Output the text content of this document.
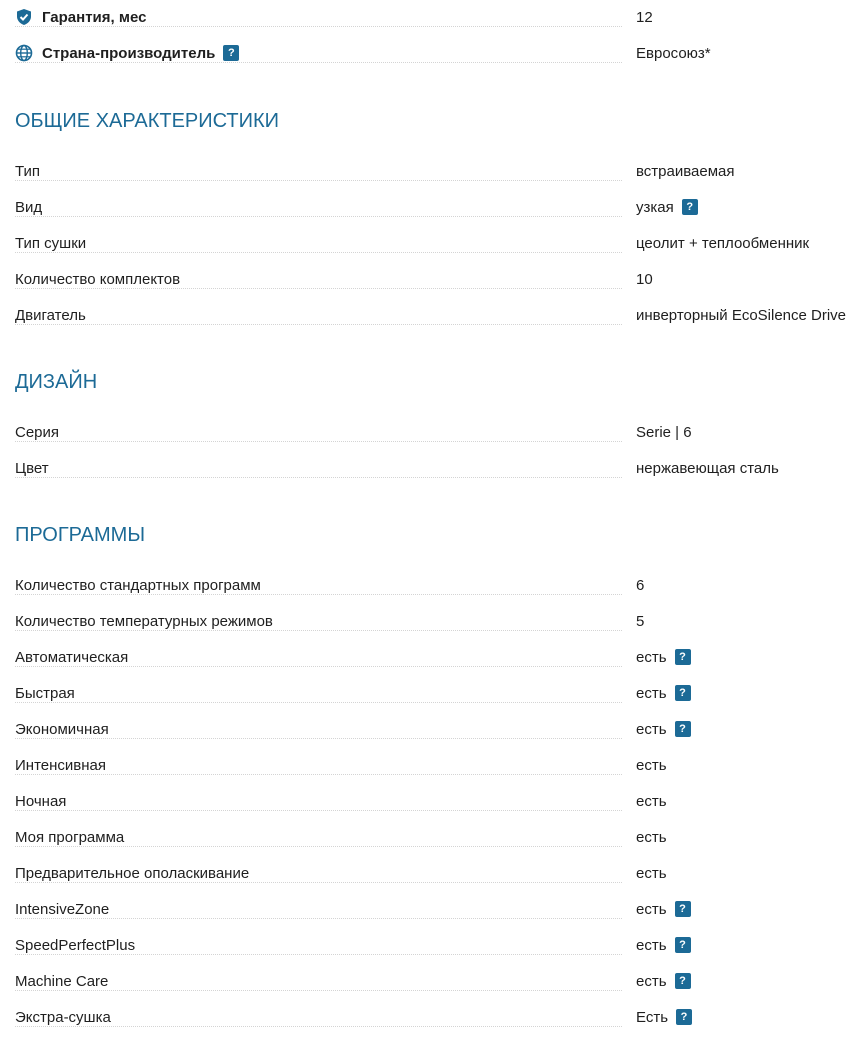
Гарантия, мес	12
Страна-производитель	?	Евросоюз*
ОБЩИЕ ХАРАКТЕРИСТИКИ
Тип	встраиваемая
Вид	узкая	?
Тип сушки	цеолит + теплообменник
Количество комплектов	10
Двигатель	инверторный EcoSilence Drive
ДИЗАЙН
Серия	Serie | 6
Цвет	нержавеющая сталь
ПРОГРАММЫ
Количество стандартных программ	6
Количество температурных режимов	5
Автоматическая	есть	?
Быстрая	есть	?
Экономичная	есть	?
Интенсивная	есть
Ночная	есть
Моя программа	есть
Предварительное ополаскивание	есть
IntensiveZone	есть	?
SpeedPerfectPlus	есть	?
Machine Care	есть	?
Экстра-сушка	Есть	?
